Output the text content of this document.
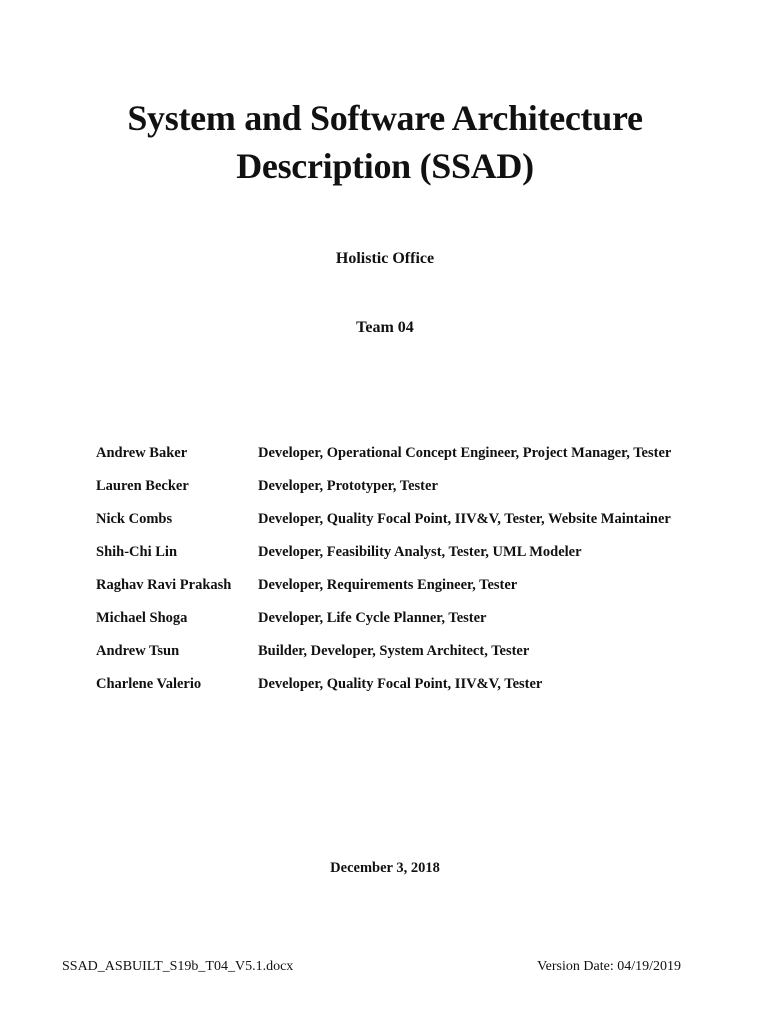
System and Software Architecture
Description (SSAD)
Holistic Office
Team 04
Andrew Baker	Developer, Operational Concept Engineer, Project Manager, Tester
Lauren Becker	Developer, Prototyper, Tester
Nick Combs	Developer, Quality Focal Point, IIV&V, Tester, Website Maintainer
Shih-Chi Lin	Developer, Feasibility Analyst, Tester, UML Modeler
Raghav Ravi Prakash	Developer, Requirements Engineer, Tester
Michael Shoga	Developer, Life Cycle Planner, Tester
Andrew Tsun	Builder, Developer, System Architect, Tester
Charlene Valerio	Developer, Quality Focal Point, IIV&V, Tester
December 3, 2018
SSAD_ASBUILT_S19b_T04_V5.1.docx	Version Date: 04/19/2019
